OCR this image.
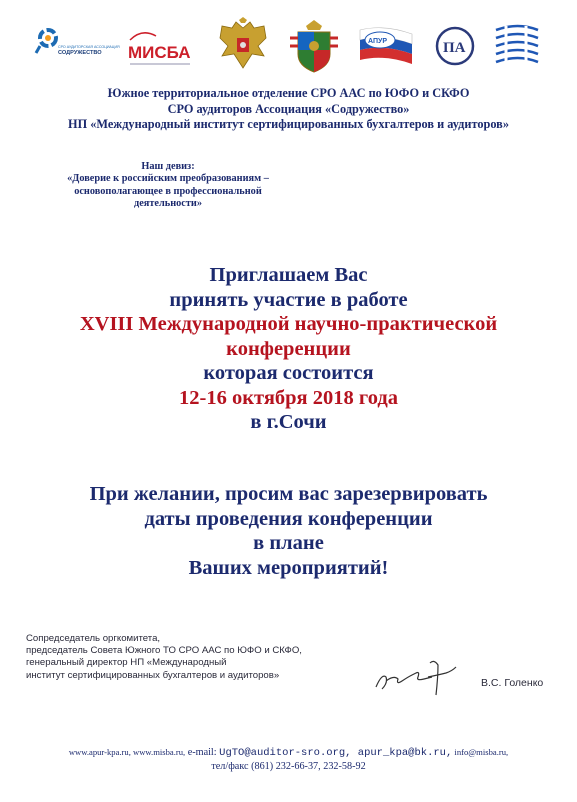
СРО АУДИТОРСКАЯ АССОЦИАЦИЯ
СОДРУЖЕСТВО МИСБА
АПУР	ПА
Южное территориальное отделение СРО ААС по ЮФО и СКФО
СРО аудиторов Ассоциация «Содружество»
НП «Международный институт сертифицированных бухгалтеров и аудиторов»
Наш девиз:
«Доверие к российским преобразованиям –
основополагающее в профессиональной
деятельности»
Приглашаем Вас
принять участие в работе
XVIII Международной научно-практической
конференции
которая состоится
12-16 октября 2018 года
в г.Сочи
При желании, просим вас зарезервировать
даты проведения конференции
в плане
Ваших мероприятий!
Сопредседатель оргкомитета,
председатель Совета Южного ТО СРО ААС по ЮФО и СКФО,
генеральный директор НП «Международный
институт сертифицированных бухгалтеров и аудиторов»
В.С. Голенко
www.apur-kpa.ru, www.misba.ru, e-mail: UgTO@auditor-sro.org, apur_kpa@bk.ru, info@misba.ru,
тел/факс (861) 232-66-37, 232-58-92
